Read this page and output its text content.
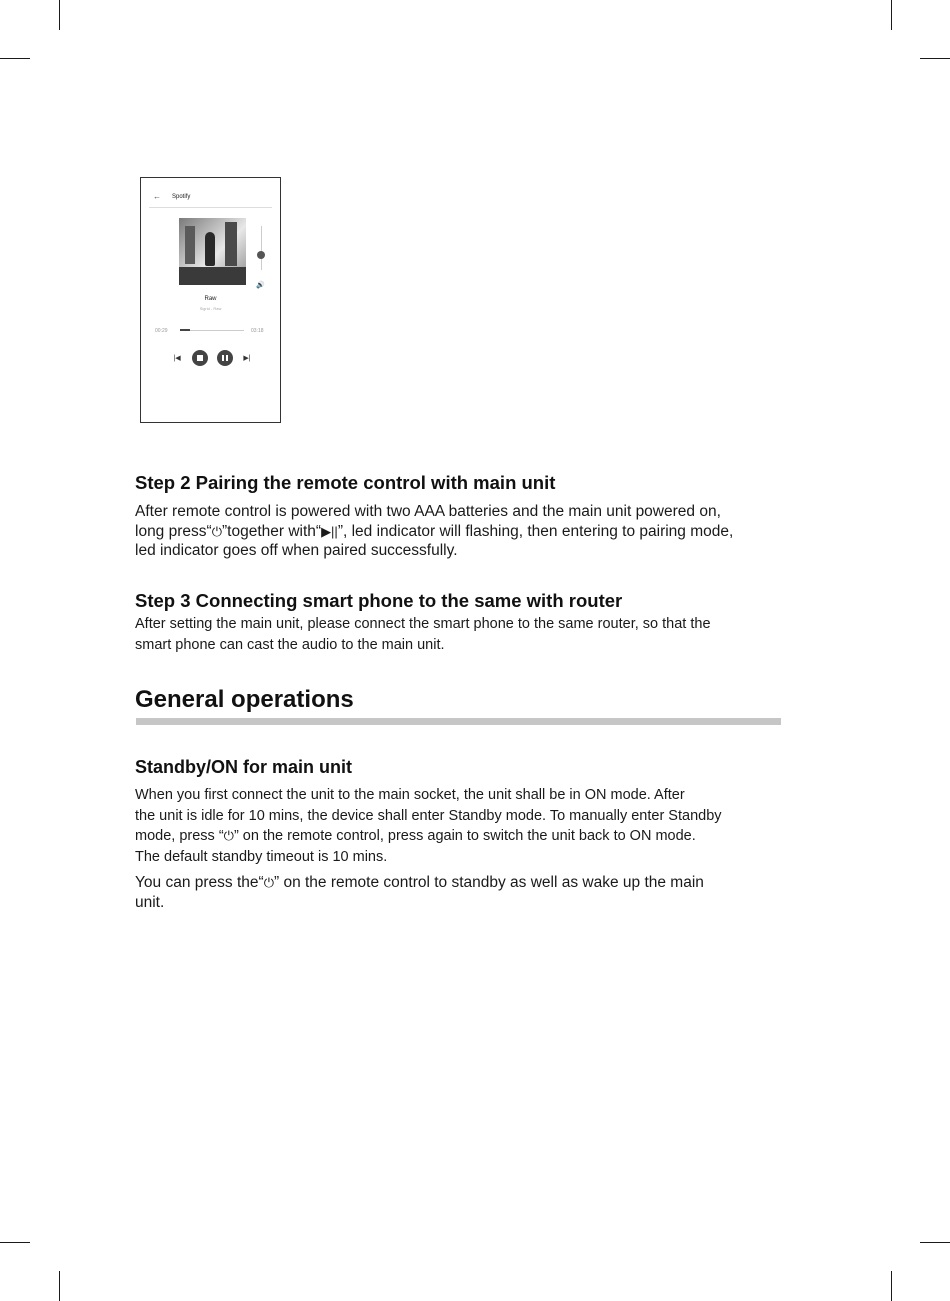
← Spotify
🔊
Raw
Sigrid - Raw
00:29	03:18
|◀	▶|
Step 2 Pairing the remote control with main unit
After remote control is powered with two AAA batteries and the main unit powered on,
long press“⏻”together with“▶||”, led indicator will flashing, then entering to pairing mode,
led indicator goes off when paired successfully.
Step 3 Connecting smart phone to the same with router
After setting the main unit, please connect the smart phone to the same router, so that the
smart phone can cast the audio to the main unit.
General operations
Standby/ON for main unit
When you first connect the unit to the main socket, the unit shall be in ON mode. After
the unit is idle for 10 mins, the device shall enter Standby mode. To manually enter Standby
mode, press “⏻” on the remote control, press again to switch the unit back to ON mode.
The default standby timeout is 10 mins.
You can press the“⏻” on the remote control to standby as well as wake up the main
unit.
